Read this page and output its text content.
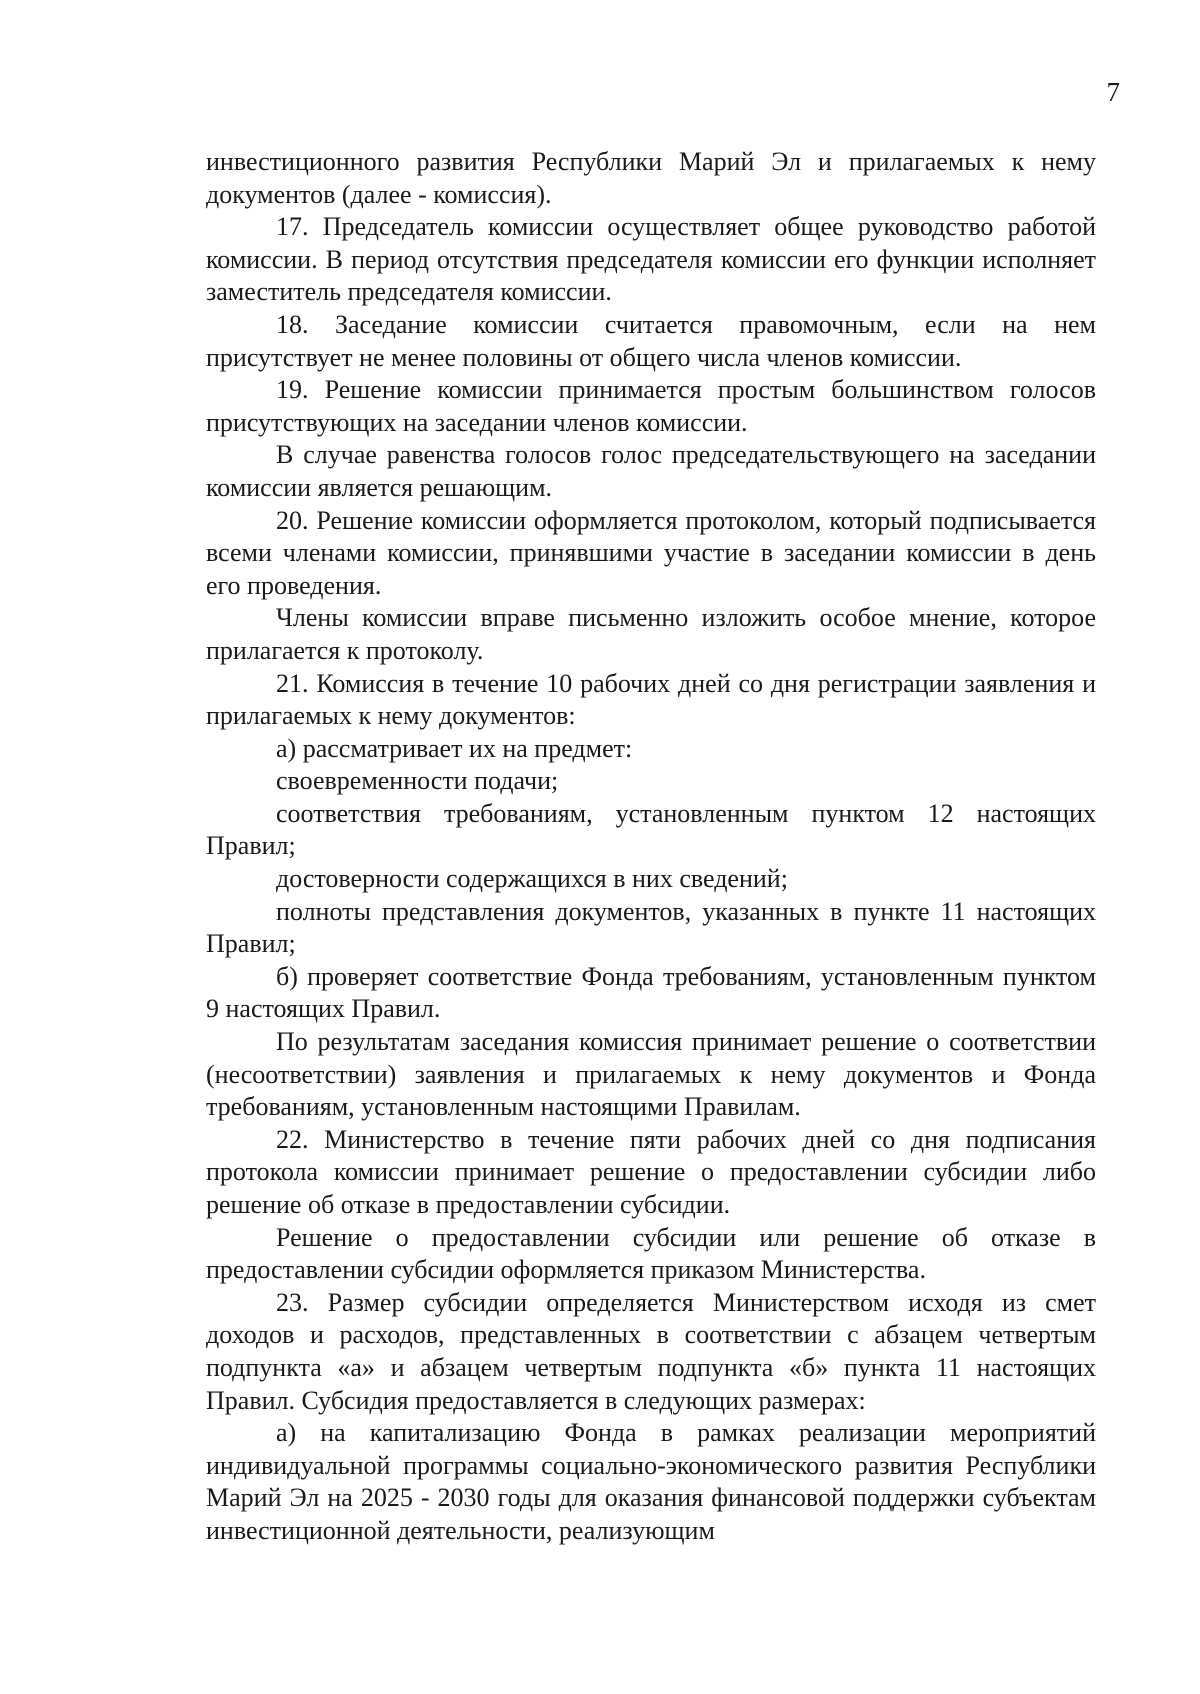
7

инвестиционного развития Республики Марий Эл и прилагаемых к нему документов (далее - комиссия).

17. Председатель комиссии осуществляет общее руководство работой комиссии. В период отсутствия председателя комиссии его функции исполняет заместитель председателя комиссии.

18. Заседание комиссии считается правомочным, если на нем присутствует не менее половины от общего числа членов комиссии.

19. Решение комиссии принимается простым большинством голосов присутствующих на заседании членов комиссии.

В случае равенства голосов голос председательствующего на заседании комиссии является решающим.

20. Решение комиссии оформляется протоколом, который подписывается всеми членами комиссии, принявшими участие в заседании комиссии в день его проведения.

Члены комиссии вправе письменно изложить особое мнение, которое прилагается к протоколу.

21. Комиссия в течение 10 рабочих дней со дня регистрации заявления и прилагаемых к нему документов:

а) рассматривает их на предмет:

своевременности подачи;

соответствия требованиям, установленным пунктом 12 настоящих Правил;

достоверности содержащихся в них сведений;

полноты представления документов, указанных в пункте 11 настоящих Правил;

б) проверяет соответствие Фонда требованиям, установленным пунктом 9 настоящих Правил.

По результатам заседания комиссия принимает решение о соответствии (несоответствии) заявления и прилагаемых к нему документов и Фонда требованиям, установленным настоящими Правилам.

22. Министерство в течение пяти рабочих дней со дня подписания протокола комиссии принимает решение о предоставлении субсидии либо решение об отказе в предоставлении субсидии.

Решение о предоставлении субсидии или решение об отказе в предоставлении субсидии оформляется приказом Министерства.

23. Размер субсидии определяется Министерством исходя из смет доходов и расходов, представленных в соответствии с абзацем четвертым подпункта «а» и абзацем четвертым подпункта «б» пункта 11 настоящих Правил. Субсидия предоставляется в следующих размерах:

а) на капитализацию Фонда в рамках реализации мероприятий индивидуальной программы социально-экономического развития Республики Марий Эл на 2025 - 2030 годы для оказания финансовой поддержки субъектам инвестиционной деятельности, реализующим
